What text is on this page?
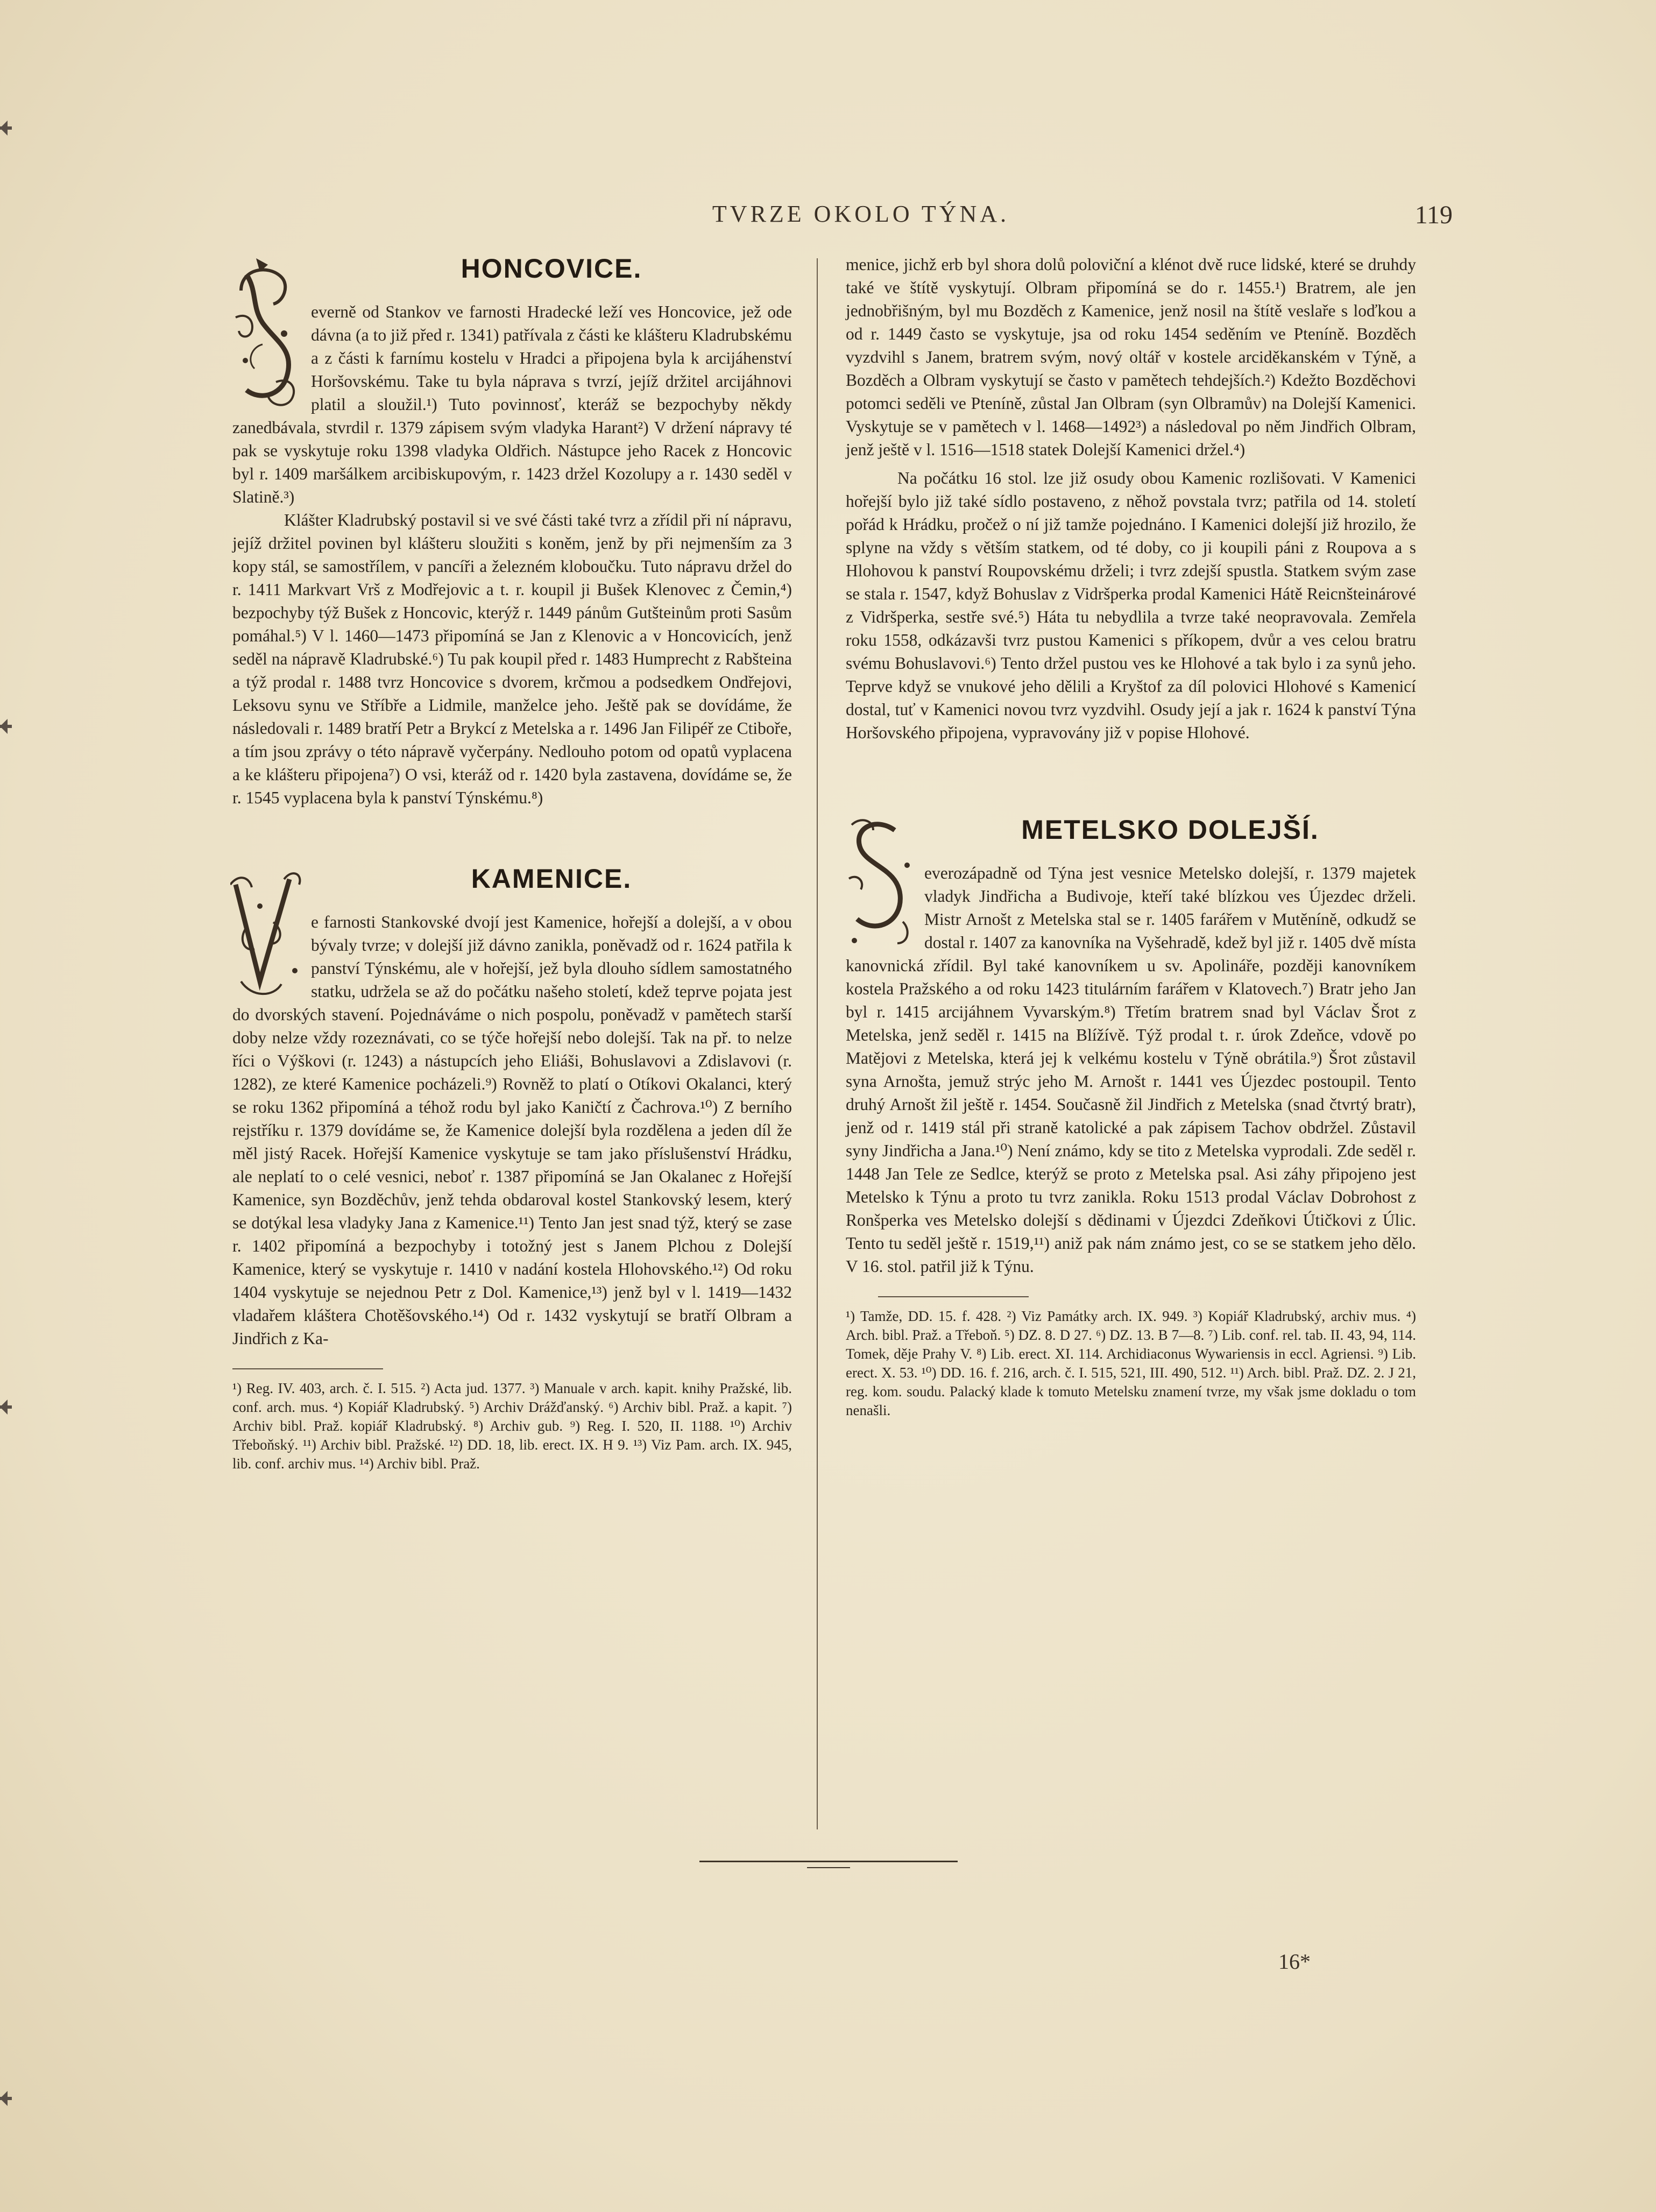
TVRZE OKOLO TÝNA.	119
HONCOVICE.

everně od Stankov ve farnosti Hradecké leží ves Honcovice, jež ode dávna (a to již před r. 1341) patřívala z části ke klášteru Kladrubskému a z části k farnímu kostelu v Hradci a připojena byla k arcijáhenství Horšovskému. Take tu byla náprava s tvrzí, jejíž držitel arcijáhnovi platil a sloužil.¹) Tuto povinnosť, kteráž se bezpochyby někdy zanedbávala, stvrdil r. 1379 zápisem svým vladyka Harant²) V držení nápravy té pak se vyskytuje roku 1398 vladyka Oldřich. Nástupce jeho Racek z Honcovic byl r. 1409 maršálkem arcibiskupovým, r. 1423 držel Kozolupy a r. 1430 seděl v Slatině.³)

Klášter Kladrubský postavil si ve své části také tvrz a zřídil při ní nápravu, jejíž držitel povinen byl klášteru sloužiti s koněm, jenž by při nejmenším za 3 kopy stál, se samostřílem, v pancíři a železném kloboučku. Tuto nápravu držel do r. 1411 Markvart Vrš z Modřejovic a t. r. koupil ji Bušek Klenovec z Čemin,⁴) bezpochyby týž Bušek z Honcovic, kterýž r. 1449 pánům Gutšteinům proti Sasům pomáhal.⁵) V l. 1460—1473 připomíná se Jan z Klenovic a v Honcovicích, jenž seděl na nápravě Kladrubské.⁶) Tu pak koupil před r. 1483 Humprecht z Rabšteina a týž prodal r. 1488 tvrz Honcovice s dvorem, krčmou a podsedkem Ondřejovi, Leksovu synu ve Stříbře a Lidmile, manželce jeho. Ještě pak se dovídáme, že následovali r. 1489 bratří Petr a Brykcí z Metelska a r. 1496 Jan Filipéř ze Ctiboře, a tím jsou zprávy o této nápravě vyčerpány. Nedlouho potom od opatů vyplacena a ke klášteru připojena⁷) O vsi, kteráž od r. 1420 byla zastavena, dovídáme se, že r. 1545 vyplacena byla k panství Týnskému.⁸)

KAMENICE.

e farnosti Stankovské dvojí jest Kamenice, hořejší a dolejší, a v obou bývaly tvrze; v dolejší již dávno zanikla, poněvadž od r. 1624 patřila k panství Týnskému, ale v hořejší, jež byla dlouho sídlem samostatného statku, udržela se až do počátku našeho století, kdež teprve pojata jest do dvorských stavení. Pojednáváme o nich pospolu, poněvadž v pamětech starší doby nelze vždy rozeznávati, co se týče hořejší nebo dolejší. Tak na př. to nelze říci o Výškovi (r. 1243) a nástupcích jeho Eliáši, Bohuslavovi a Zdislavovi (r. 1282), ze které Kamenice pocházeli.⁹) Rovněž to platí o Otíkovi Okalanci, který se roku 1362 připomíná a téhož rodu byl jako Kaničtí z Čachrova.¹⁰) Z berního rejstříku r. 1379 dovídáme se, že Kamenice dolejší byla rozdělena a jeden díl že měl jistý Racek. Hořejší Kamenice vyskytuje se tam jako příslušenství Hrádku, ale neplatí to o celé vesnici, neboť r. 1387 připomíná se Jan Okalanec z Hořejší Kamenice, syn Bozděchův, jenž tehda obdaroval kostel Stankovský lesem, který se dotýkal lesa vladyky Jana z Kamenice.¹¹) Tento Jan jest snad týž, který se zase r. 1402 připomíná a bezpochyby i totožný jest s Janem Plchou z Dolejší Kamenice, který se vyskytuje r. 1410 v nadání kostela Hlohovského.¹²) Od roku 1404 vyskytuje se nejednou Petr z Dol. Kamenice,¹³) jenž byl v l. 1419—1432 vladařem kláštera Chotěšovského.¹⁴) Od r. 1432 vyskytují se bratří Olbram a Jindřich z Ka-

¹) Reg. IV. 403, arch. č. I. 515. ²) Acta jud. 1377. ³) Manuale v arch. kapit. knihy Pražské, lib. conf. arch. mus. ⁴) Kopiář Kladrubský. ⁵) Archiv Drážďanský. ⁶) Archiv bibl. Praž. a kapit. ⁷) Archiv bibl. Praž. kopiář Kladrubský. ⁸) Archiv gub. ⁹) Reg. I. 520, II. 1188. ¹⁰) Archiv Třeboňský. ¹¹) Archiv bibl. Pražské. ¹²) DD. 18, lib. erect. IX. H 9. ¹³) Viz Pam. arch. IX. 945, lib. conf. archiv mus. ¹⁴) Archiv bibl. Praž.

menice, jichž erb byl shora dolů poloviční a klénot dvě ruce lidské, které se druhdy také ve štítě vyskytují. Olbram připomíná se do r. 1455.¹) Bratrem, ale jen jednobřišným, byl mu Bozděch z Kamenice, jenž nosil na štítě veslaře s loďkou a od r. 1449 často se vyskytuje, jsa od roku 1454 seděním ve Pteníně. Bozděch vyzdvihl s Janem, bratrem svým, nový oltář v kostele arciděkanském v Týně, a Bozděch a Olbram vyskytují se často v pamětech tehdejších.²) Kdežto Bozděchovi potomci seděli ve Pteníně, zůstal Jan Olbram (syn Olbramův) na Dolejší Kamenici. Vyskytuje se v pamětech v l. 1468—1492³) a následoval po něm Jindřich Olbram, jenž ještě v l. 1516—1518 statek Dolejší Kamenici držel.⁴)

Na počátku 16 stol. lze již osudy obou Kamenic rozlišovati. V Kamenici hořejší bylo již také sídlo postaveno, z něhož povstala tvrz; patřila od 14. století pořád k Hrádku, pročež o ní již tamže pojednáno. I Kamenici dolejší již hrozilo, že splyne na vždy s větším statkem, od té doby, co ji koupili páni z Roupova a s Hlohovou k panství Roupovskému drželi; i tvrz zdejší spustla. Statkem svým zase se stala r. 1547, když Bohuslav z Vidršperka prodal Kamenici Hátě Reicnšteinárové z Vidršperka, sestře své.⁵) Háta tu nebydlila a tvrze také neopravovala. Zemřela roku 1558, odkázavši tvrz pustou Kamenici s příkopem, dvůr a ves celou bratru svému Bohuslavovi.⁶) Tento držel pustou ves ke Hlohové a tak bylo i za synů jeho. Teprve když se vnukové jeho dělili a Kryštof za díl polovici Hlohové s Kamenicí dostal, tuť v Kamenici novou tvrz vyzdvihl. Osudy její a jak r. 1624 k panství Týna Horšovského připojena, vypravovány již v popise Hlohové.

METELSKO DOLEJŠÍ.

everozápadně od Týna jest vesnice Metelsko dolejší, r. 1379 majetek vladyk Jindřicha a Budivoje, kteří také blízkou ves Újezdec drželi. Mistr Arnošt z Metelska stal se r. 1405 farářem v Mutěníně, odkudž se dostal r. 1407 za kanovníka na Vyšehradě, kdež byl již r. 1405 dvě místa kanovnická zřídil. Byl také kanovníkem u sv. Apolináře, později kanovníkem kostela Pražského a od roku 1423 titulárním farářem v Klatovech.⁷) Bratr jeho Jan byl r. 1415 arcijáhnem Vyvarským.⁸) Třetím bratrem snad byl Václav Šrot z Metelska, jenž seděl r. 1415 na Blížívě. Týž prodal t. r. úrok Zdeňce, vdově po Matějovi z Metelska, která jej k velkému kostelu v Týně obrátila.⁹) Šrot zůstavil syna Arnošta, jemuž strýc jeho M. Arnošt r. 1441 ves Újezdec postoupil. Tento druhý Arnošt žil ještě r. 1454. Současně žil Jindřich z Metelska (snad čtvrtý bratr), jenž od r. 1419 stál při straně katolické a pak zápisem Tachov obdržel. Zůstavil syny Jindřicha a Jana.¹⁰) Není známo, kdy se tito z Metelska vyprodali. Zde seděl r. 1448 Jan Tele ze Sedlce, kterýž se proto z Metelska psal. Asi záhy připojeno jest Metelsko k Týnu a proto tu tvrz zanikla. Roku 1513 prodal Václav Dobrohost z Ronšperka ves Metelsko dolejší s dědinami v Újezdci Zdeňkovi Útičkovi z Úlic. Tento tu seděl ještě r. 1519,¹¹) aniž pak nám známo jest, co se se statkem jeho dělo. V 16. stol. patřil již k Týnu.

¹) Tamže, DD. 15. f. 428. ²) Viz Památky arch. IX. 949. ³) Kopiář Kladrubský, archiv mus. ⁴) Arch. bibl. Praž. a Třeboň. ⁵) DZ. 8. D 27. ⁶) DZ. 13. B 7—8. ⁷) Lib. conf. rel. tab. II. 43, 94, 114. Tomek, děje Prahy V. ⁸) Lib. erect. XI. 114. Archidiaconus Wywariensis in eccl. Agriensi. ⁹) Lib. erect. X. 53. ¹⁰) DD. 16. f. 216, arch. č. I. 515, 521, III. 490, 512. ¹¹) Arch. bibl. Praž. DZ. 2. J 21, reg. kom. soudu. Palacký klade k tomuto Metelsku znamení tvrze, my však jsme dokladu o tom nenašli.

16*
